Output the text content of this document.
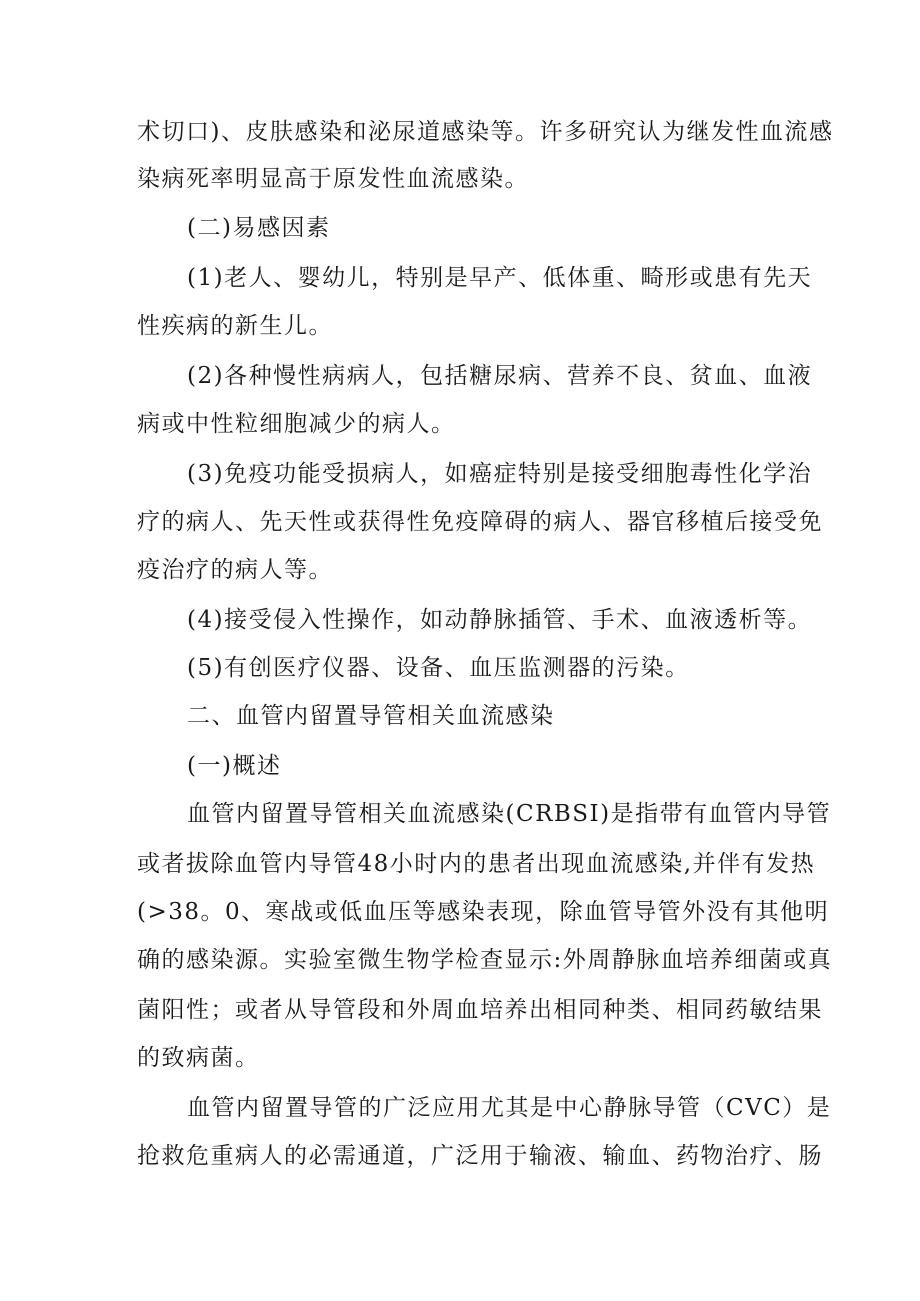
术切口)、皮肤感染和泌尿道感染等。许多研究认为继发性血流感
染病死率明显高于原发性血流感染。
(二)易感因素
(1)老人、婴幼儿，特别是早产、低体重、畸形或患有先天
性疾病的新生儿。
(2)各种慢性病病人，包括糖尿病、营养不良、贫血、血液
病或中性粒细胞减少的病人。
(3)免疫功能受损病人，如癌症特别是接受细胞毒性化学治
疗的病人、先天性或获得性免疫障碍的病人、器官移植后接受免
疫治疗的病人等。
(4)接受侵入性操作，如动静脉插管、手术、血液透析等。
(5)有创医疗仪器、设备、血压监测器的污染。
二、血管内留置导管相关血流感染
(一)概述
血管内留置导管相关血流感染(CRBSI)是指带有血管内导管
或者拔除血管内导管48小时内的患者出现血流感染,并伴有发热
(>38。0、寒战或低血压等感染表现，除血管导管外没有其他明
确的感染源。实验室微生物学检查显示:外周静脉血培养细菌或真
菌阳性；或者从导管段和外周血培养出相同种类、相同药敏结果
的致病菌。
血管内留置导管的广泛应用尤其是中心静脉导管（CVC）是
抢救危重病人的必需通道，广泛用于输液、输血、药物治疗、肠
